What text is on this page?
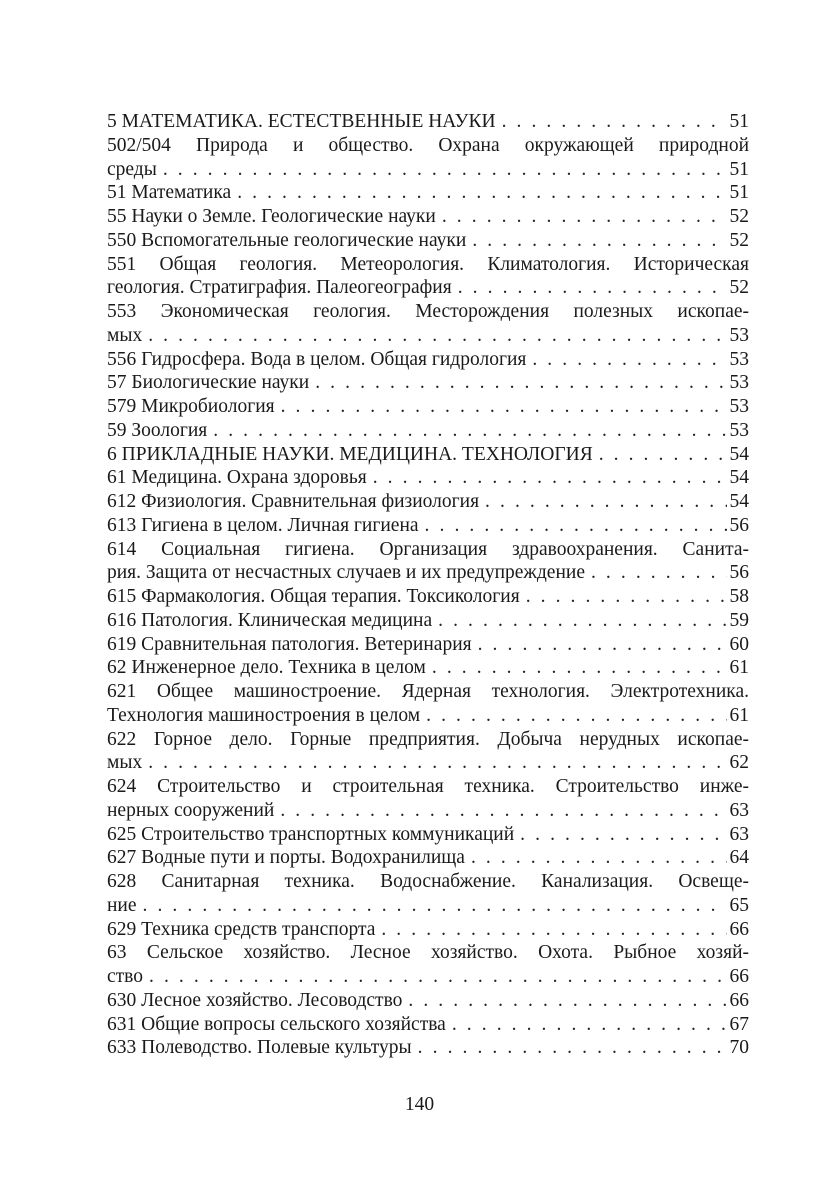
5 МАТЕМАТИКА. ЕСТЕСТВЕННЫЕ НАУКИ . . .	51
502/504 Природа и общество. Охрана окружающей природной
среды . . .	51
51 Математика . . .	51
55 Науки о Земле. Геологические науки . . .	52
550 Вспомогательные геологические науки . . .	52
551 Общая геология. Метеорология. Климатология. Историческая
геология. Стратиграфия. Палеогеография . . .	52
553 Экономическая геология. Месторождения полезных ископае-
мых . . .	53
556 Гидросфера. Вода в целом. Общая гидрология . . .	53
57 Биологические науки . . .	53
579 Микробиология . . .	53
59 Зоология . . .	53
6 ПРИКЛАДНЫЕ НАУКИ. МЕДИЦИНА. ТЕХНОЛОГИЯ . . .	54
61 Медицина. Охрана здоровья . . .	54
612 Физиология. Сравнительная физиология . . .	54
613 Гигиена в целом. Личная гигиена . . .	56
614 Социальная гигиена. Организация здравоохранения. Санита-
рия. Защита от несчастных случаев и их предупреждение . . .	56
615 Фармакология. Общая терапия. Токсикология . . .	58
616 Патология. Клиническая медицина . . .	59
619 Сравнительная патология. Ветеринария . . .	60
62 Инженерное дело. Техника в целом . . .	61
621 Общее машиностроение. Ядерная технология. Электротехника.
Технология машиностроения в целом . . .	61
622 Горное дело. Горные предприятия. Добыча нерудных ископае-
мых . . .	62
624 Строительство и строительная техника. Строительство инже-
нерных сооружений . . .	63
625 Строительство транспортных коммуникаций . . .	63
627 Водные пути и порты. Водохранилища . . .	64
628 Санитарная техника. Водоснабжение. Канализация. Освеще-
ние . . .	65
629 Техника средств транспорта . . .	66
63 Сельское хозяйство. Лесное хозяйство. Охота. Рыбное хозяй-
ство . . .	66
630 Лесное хозяйство. Лесоводство . . .	66
631 Общие вопросы сельского хозяйства . . .	67
633 Полеводство. Полевые культуры . . .	70
140
